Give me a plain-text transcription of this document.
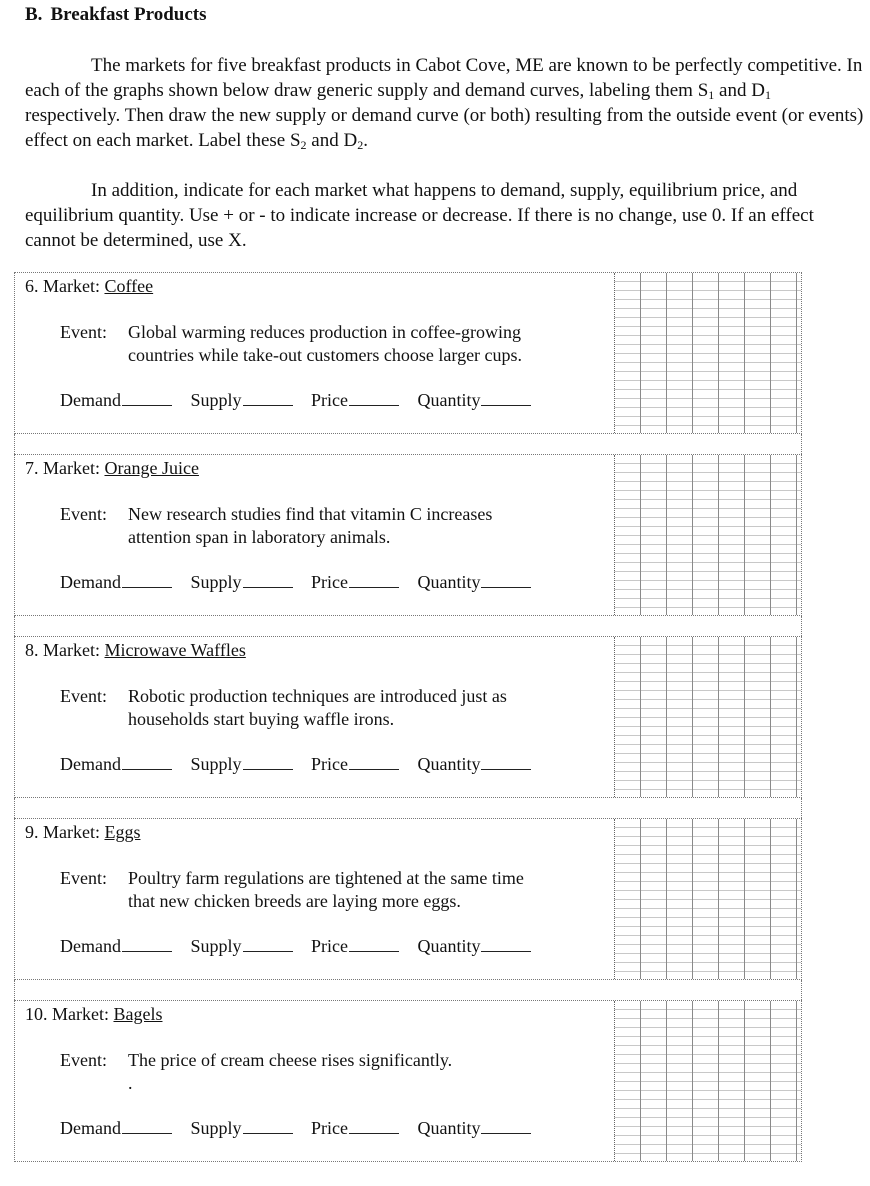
B. Breakfast Products

The markets for five breakfast products in Cabot Cove, ME are known to be perfectly competitive. In each of the graphs shown below draw generic supply and demand curves, labeling them $S_1$ and $D_1$ respectively. Then draw the new supply or demand curve (or both) resulting from the outside event (or events) effect on each market. Label these $S_2$ and $D_2$.

In addition, indicate for each market what happens to demand, supply, equilibrium price, and equilibrium quantity. Use + or - to indicate increase or decrease. If there is no change, use 0. If an effect cannot be determined, use X.

6. Market: Coffee
Event: Global warming reduces production in coffee-growing
countries while take-out customers choose larger cups.
Demand	Supply	Price	Quantity
7. Market: Orange Juice
Event: New research studies find that vitamin C increases
attention span in laboratory animals.
Demand	Supply	Price	Quantity
8. Market: Microwave Waffles
Event: Robotic production techniques are introduced just as
households start buying waffle irons.
Demand	Supply	Price	Quantity
9. Market: Eggs
Event: Poultry farm regulations are tightened at the same time
that new chicken breeds are laying more eggs.
Demand	Supply	Price	Quantity
10. Market: Bagels
Event: The price of cream cheese rises significantly.
.
Demand	Supply	Price	Quantity
